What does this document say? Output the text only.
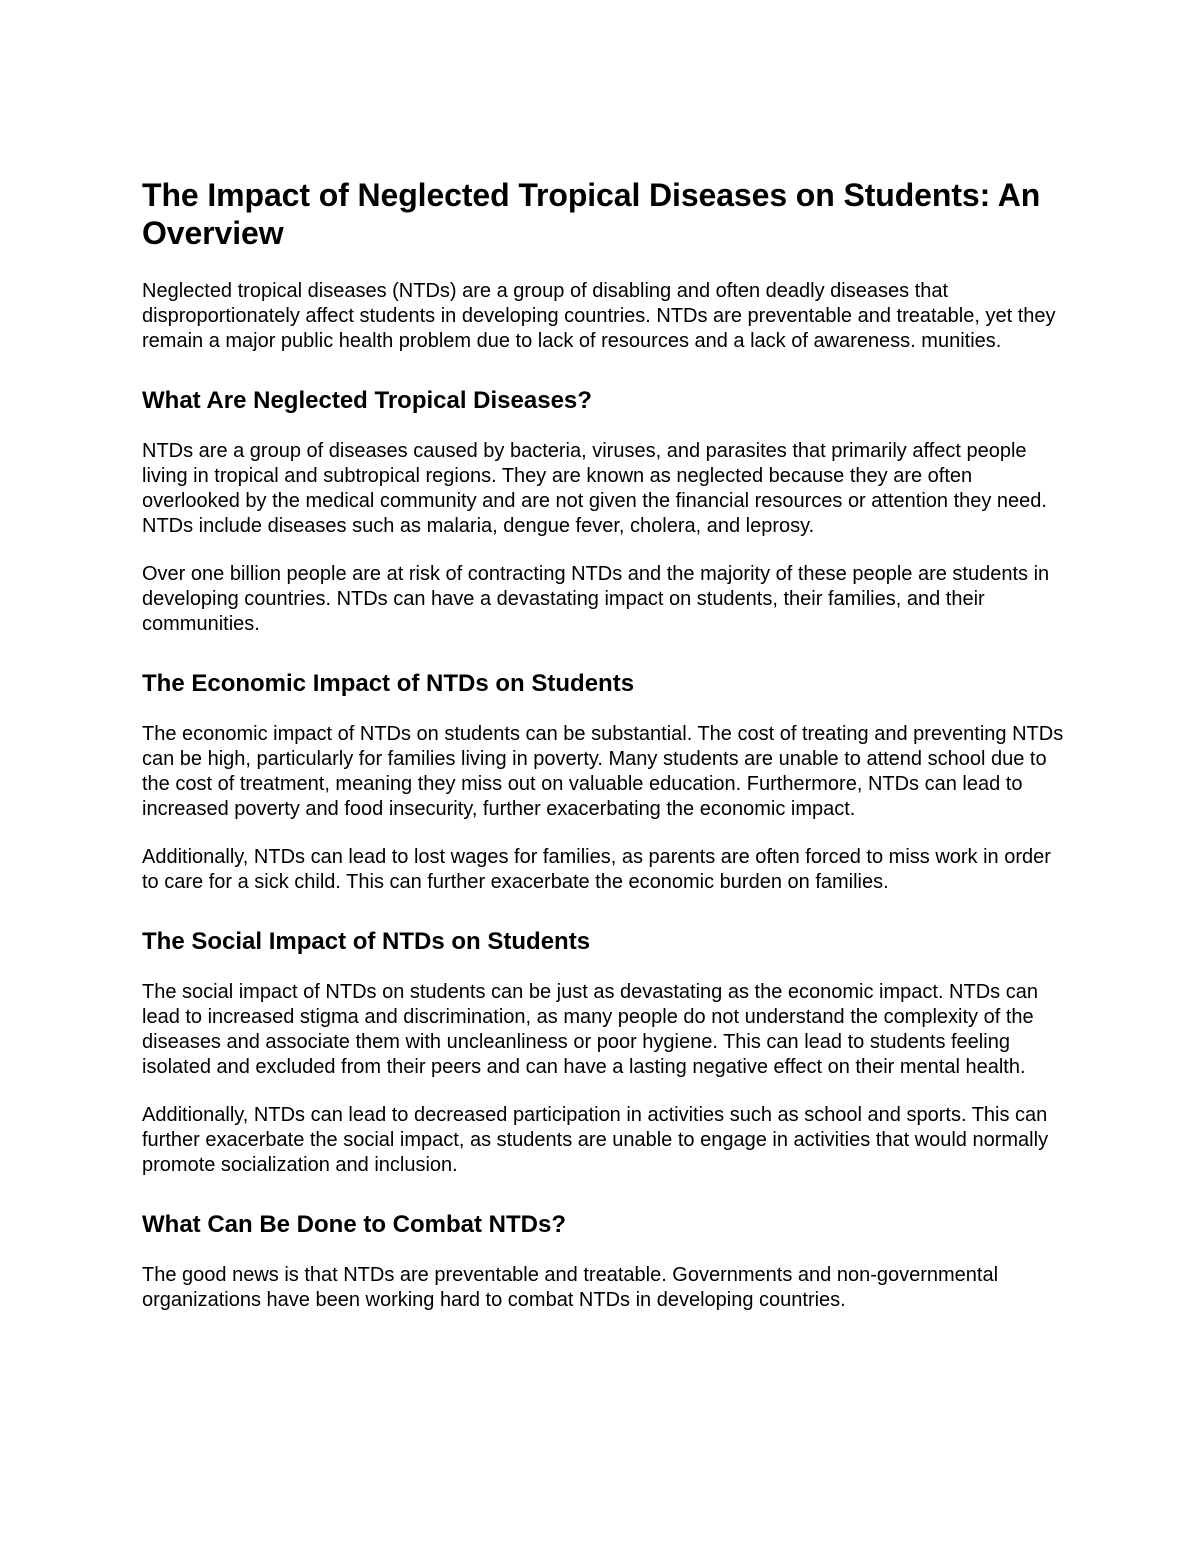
The Impact of Neglected Tropical Diseases on Students: An Overview

Neglected tropical diseases (NTDs) are a group of disabling and often deadly diseases that disproportionately affect students in developing countries. NTDs are preventable and treatable, yet they remain a major public health problem due to lack of resources and a lack of awareness. munities.

What Are Neglected Tropical Diseases?

NTDs are a group of diseases caused by bacteria, viruses, and parasites that primarily affect people living in tropical and subtropical regions. They are known as neglected because they are often overlooked by the medical community and are not given the financial resources or attention they need. NTDs include diseases such as malaria, dengue fever, cholera, and leprosy.

Over one billion people are at risk of contracting NTDs and the majority of these people are students in developing countries. NTDs can have a devastating impact on students, their families, and their communities.

The Economic Impact of NTDs on Students

The economic impact of NTDs on students can be substantial. The cost of treating and preventing NTDs can be high, particularly for families living in poverty. Many students are unable to attend school due to the cost of treatment, meaning they miss out on valuable education. Furthermore, NTDs can lead to increased poverty and food insecurity, further exacerbating the economic impact.

Additionally, NTDs can lead to lost wages for families, as parents are often forced to miss work in order to care for a sick child. This can further exacerbate the economic burden on families.

The Social Impact of NTDs on Students

The social impact of NTDs on students can be just as devastating as the economic impact. NTDs can lead to increased stigma and discrimination, as many people do not understand the complexity of the diseases and associate them with uncleanliness or poor hygiene. This can lead to students feeling isolated and excluded from their peers and can have a lasting negative effect on their mental health.

Additionally, NTDs can lead to decreased participation in activities such as school and sports. This can further exacerbate the social impact, as students are unable to engage in activities that would normally promote socialization and inclusion.

What Can Be Done to Combat NTDs?

The good news is that NTDs are preventable and treatable. Governments and non-governmental organizations have been working hard to combat NTDs in developing countries.
